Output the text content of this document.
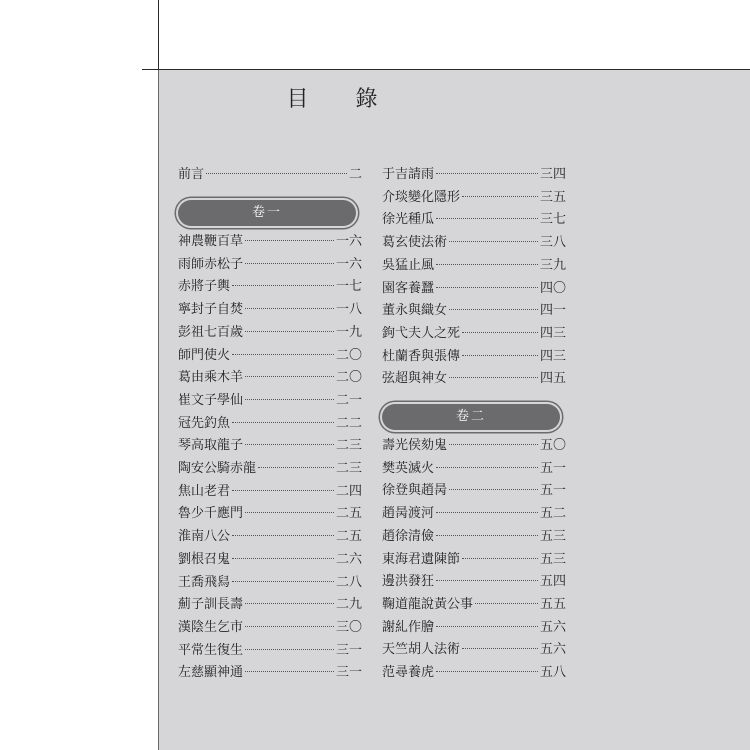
目 錄
前言	二
卷一
神農鞭百草	一六
雨師赤松子	一六
赤將子輿	一七
寧封子自焚	一八
彭祖七百歲	一九
師門使火	二〇
葛由乘木羊	二〇
崔文子學仙	二一
冠先釣魚	二二
琴高取龍子	二三
陶安公騎赤龍	二三
焦山老君	二四
魯少千應門	二五
淮南八公	二五
劉根召鬼	二六
王喬飛舄	二八
薊子訓長壽	二九
漢陰生乞市	三〇
平常生復生	三一
左慈顯神通	三一
于吉請雨	三四
介琰變化隱形	三五
徐光種瓜	三七
葛玄使法術	三八
吳猛止風	三九
園客養蠶	四〇
董永與織女	四一
鉤弋夫人之死	四三
杜蘭香與張傳	四三
弦超與神女	四五
卷二
壽光侯劾鬼	五〇
樊英滅火	五一
徐登與趙昺	五一
趙昺渡河	五二
趙徐清儉	五三
東海君遺陳節	五三
邊洪發狂	五四
鞠道龍說黃公事	五五
謝糺作膾	五六
天竺胡人法術	五六
范尋養虎	五八
